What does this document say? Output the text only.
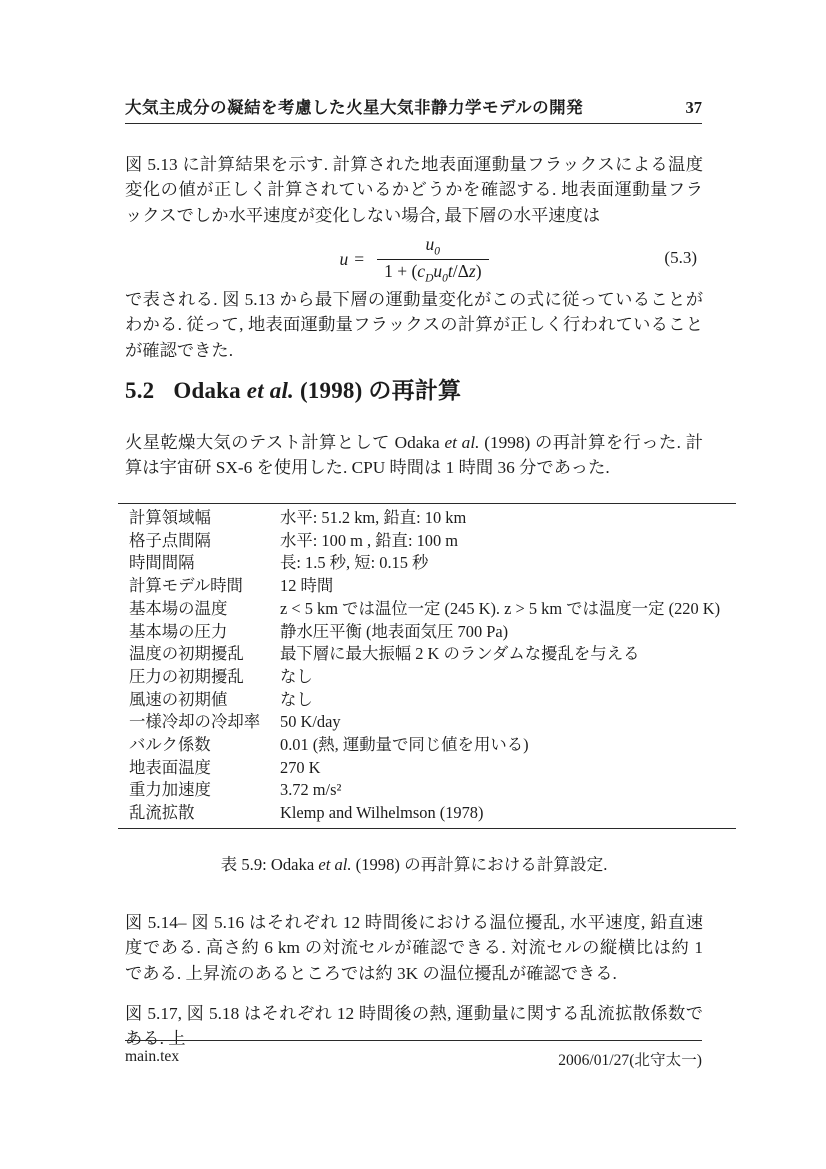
大気主成分の凝結を考慮した火星大気非静力学モデルの開発	37
図 5.13 に計算結果を示す. 計算された地表面運動量フラックスによる温度変化の値が正しく計算されているかどうかを確認する. 地表面運動量フラックスでしか水平速度が変化しない場合, 最下層の水平速度は
$u = \frac{u_0}{1 + (c_Du_0t/\Delta z)}$	(5.3)
で表される. 図 5.13 から最下層の運動量変化がこの式に従っていることがわかる. 従って, 地表面運動量フラックスの計算が正しく行われていることが確認できた.
5.2 Odaka et al. (1998) の再計算
火星乾燥大気のテスト計算として Odaka et al. (1998) の再計算を行った. 計算は宇宙研 SX-6 を使用した. CPU 時間は 1 時間 36 分であった.
計算領域幅	水平: 51.2 km, 鉛直: 10 km
格子点間隔	水平: 100 m , 鉛直: 100 m
時間間隔	長: 1.5 秒, 短: 0.15 秒
計算モデル時間	12 時間
基本場の温度	z < 5 km では温位一定 (245 K). z > 5 km では温度一定 (220 K)
基本場の圧力	静水圧平衡 (地表面気圧 700 Pa)
温度の初期擾乱	最下層に最大振幅 2 K のランダムな擾乱を与える
圧力の初期擾乱	なし
風速の初期値	なし
一様冷却の冷却率	50 K/day
バルク係数	0.01 (熱, 運動量で同じ値を用いる)
地表面温度	270 K
重力加速度	3.72 m/s²
乱流拡散	Klemp and Wilhelmson (1978)
表 5.9: Odaka et al. (1998) の再計算における計算設定.
図 5.14– 図 5.16 はそれぞれ 12 時間後における温位擾乱, 水平速度, 鉛直速度である. 高さ約 6 km の対流セルが確認できる. 対流セルの縦横比は約 1 である. 上昇流のあるところでは約 3K の温位擾乱が確認できる.
図 5.17, 図 5.18 はそれぞれ 12 時間後の熱, 運動量に関する乱流拡散係数である. 上
main.tex	2006/01/27(北守太一)
